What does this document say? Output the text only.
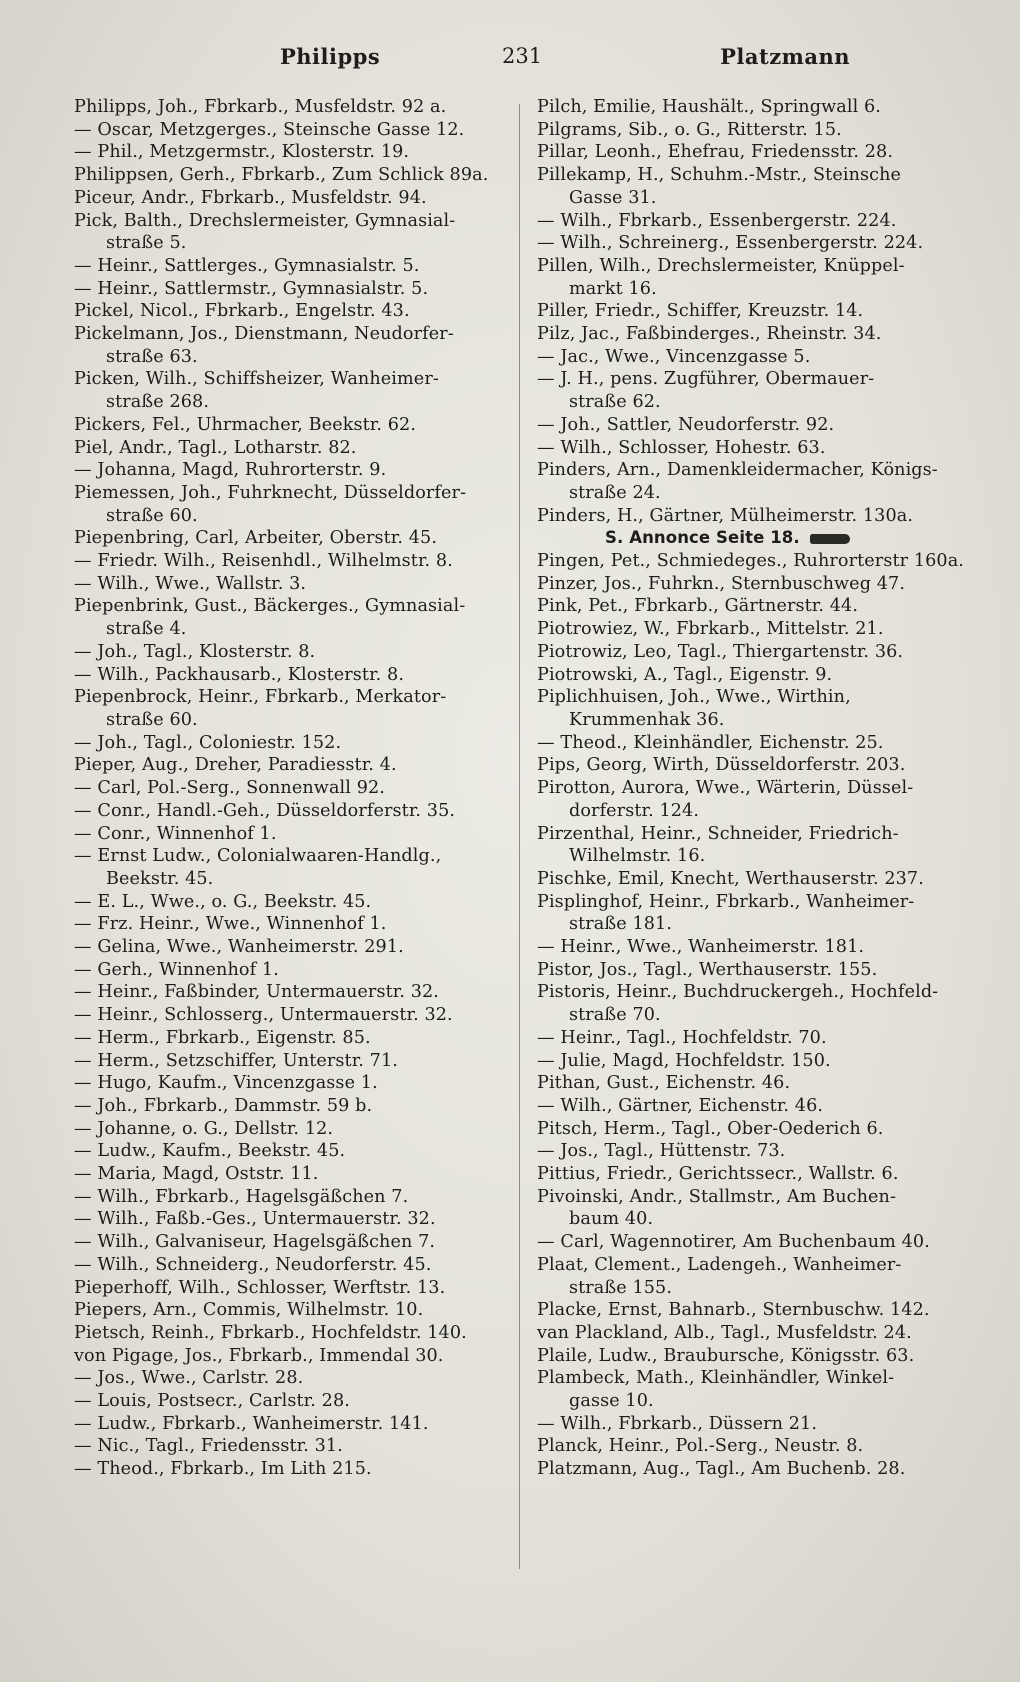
Philipps	231	Platzmann
Philipps, Joh., Fbrkarb., Musfeldstr. 92 a.
— Oscar, Metzgerges., Steinsche Gasse 12.
— Phil., Metzgermstr., Klosterstr. 19.
Philippsen, Gerh., Fbrkarb., Zum Schlick 89a.
Piceur, Andr., Fbrkarb., Musfeldstr. 94.
Pick, Balth., Drechslermeister, Gymnasial-
straße 5.
— Heinr., Sattlerges., Gymnasialstr. 5.
— Heinr., Sattlermstr., Gymnasialstr. 5.
Pickel, Nicol., Fbrkarb., Engelstr. 43.
Pickelmann, Jos., Dienstmann, Neudorfer-
straße 63.
Picken, Wilh., Schiffsheizer, Wanheimer-
straße 268.
Pickers, Fel., Uhrmacher, Beekstr. 62.
Piel, Andr., Tagl., Lotharstr. 82.
— Johanna, Magd, Ruhrorterstr. 9.
Piemessen, Joh., Fuhrknecht, Düsseldorfer-
straße 60.
Piepenbring, Carl, Arbeiter, Oberstr. 45.
— Friedr. Wilh., Reisenhdl., Wilhelmstr. 8.
— Wilh., Wwe., Wallstr. 3.
Piepenbrink, Gust., Bäckerges., Gymnasial-
straße 4.
— Joh., Tagl., Klosterstr. 8.
— Wilh., Packhausarb., Klosterstr. 8.
Piepenbrock, Heinr., Fbrkarb., Merkator-
straße 60.
— Joh., Tagl., Coloniestr. 152.
Pieper, Aug., Dreher, Paradiesstr. 4.
— Carl, Pol.-Serg., Sonnenwall 92.
— Conr., Handl.-Geh., Düsseldorferstr. 35.
— Conr., Winnenhof 1.
— Ernst Ludw., Colonialwaaren-Handlg.,
Beekstr. 45.
— E. L., Wwe., o. G., Beekstr. 45.
— Frz. Heinr., Wwe., Winnenhof 1.
— Gelina, Wwe., Wanheimerstr. 291.
— Gerh., Winnenhof 1.
— Heinr., Faßbinder, Untermauerstr. 32.
— Heinr., Schlosserg., Untermauerstr. 32.
— Herm., Fbrkarb., Eigenstr. 85.
— Herm., Setzschiffer, Unterstr. 71.
— Hugo, Kaufm., Vincenzgasse 1.
— Joh., Fbrkarb., Dammstr. 59 b.
— Johanne, o. G., Dellstr. 12.
— Ludw., Kaufm., Beekstr. 45.
— Maria, Magd, Oststr. 11.
— Wilh., Fbrkarb., Hagelsgäßchen 7.
— Wilh., Faßb.-Ges., Untermauerstr. 32.
— Wilh., Galvaniseur, Hagelsgäßchen 7.
— Wilh., Schneiderg., Neudorferstr. 45.
Pieperhoff, Wilh., Schlosser, Werftstr. 13.
Piepers, Arn., Commis, Wilhelmstr. 10.
Pietsch, Reinh., Fbrkarb., Hochfeldstr. 140.
von Pigage, Jos., Fbrkarb., Immendal 30.
— Jos., Wwe., Carlstr. 28.
— Louis, Postsecr., Carlstr. 28.
— Ludw., Fbrkarb., Wanheimerstr. 141.
— Nic., Tagl., Friedensstr. 31.
— Theod., Fbrkarb., Im Lith 215.
Pilch, Emilie, Haushält., Springwall 6.
Pilgrams, Sib., o. G., Ritterstr. 15.
Pillar, Leonh., Ehefrau, Friedensstr. 28.
Pillekamp, H., Schuhm.-Mstr., Steinsche
Gasse 31.
— Wilh., Fbrkarb., Essenbergerstr. 224.
— Wilh., Schreinerg., Essenbergerstr. 224.
Pillen, Wilh., Drechslermeister, Knüppel-
markt 16.
Piller, Friedr., Schiffer, Kreuzstr. 14.
Pilz, Jac., Faßbinderges., Rheinstr. 34.
— Jac., Wwe., Vincenzgasse 5.
— J. H., pens. Zugführer, Obermauer-
straße 62.
— Joh., Sattler, Neudorferstr. 92.
— Wilh., Schlosser, Hohestr. 63.
Pinders, Arn., Damenkleidermacher, Königs-
straße 24.
Pinders, H., Gärtner, Mülheimerstr. 130a.
S. Annonce Seite 18.
Pingen, Pet., Schmiedeges., Ruhrorterstr 160a.
Pinzer, Jos., Fuhrkn., Sternbuschweg 47.
Pink, Pet., Fbrkarb., Gärtnerstr. 44.
Piotrowiez, W., Fbrkarb., Mittelstr. 21.
Piotrowiz, Leo, Tagl., Thiergartenstr. 36.
Piotrowski, A., Tagl., Eigenstr. 9.
Piplichhuisen, Joh., Wwe., Wirthin,
Krummenhak 36.
— Theod., Kleinhändler, Eichenstr. 25.
Pips, Georg, Wirth, Düsseldorferstr. 203.
Pirotton, Aurora, Wwe., Wärterin, Düssel-
dorferstr. 124.
Pirzenthal, Heinr., Schneider, Friedrich-
Wilhelmstr. 16.
Pischke, Emil, Knecht, Werthauserstr. 237.
Pisplinghof, Heinr., Fbrkarb., Wanheimer-
straße 181.
— Heinr., Wwe., Wanheimerstr. 181.
Pistor, Jos., Tagl., Werthauserstr. 155.
Pistoris, Heinr., Buchdruckergeh., Hochfeld-
straße 70.
— Heinr., Tagl., Hochfeldstr. 70.
— Julie, Magd, Hochfeldstr. 150.
Pithan, Gust., Eichenstr. 46.
— Wilh., Gärtner, Eichenstr. 46.
Pitsch, Herm., Tagl., Ober-Oederich 6.
— Jos., Tagl., Hüttenstr. 73.
Pittius, Friedr., Gerichtssecr., Wallstr. 6.
Pivoinski, Andr., Stallmstr., Am Buchen-
baum 40.
— Carl, Wagennotirer, Am Buchenbaum 40.
Plaat, Clement., Ladengeh., Wanheimer-
straße 155.
Placke, Ernst, Bahnarb., Sternbuschw. 142.
van Plackland, Alb., Tagl., Musfeldstr. 24.
Plaile, Ludw., Braubursche, Königsstr. 63.
Plambeck, Math., Kleinhändler, Winkel-
gasse 10.
— Wilh., Fbrkarb., Düssern 21.
Planck, Heinr., Pol.-Serg., Neustr. 8.
Platzmann, Aug., Tagl., Am Buchenb. 28.
